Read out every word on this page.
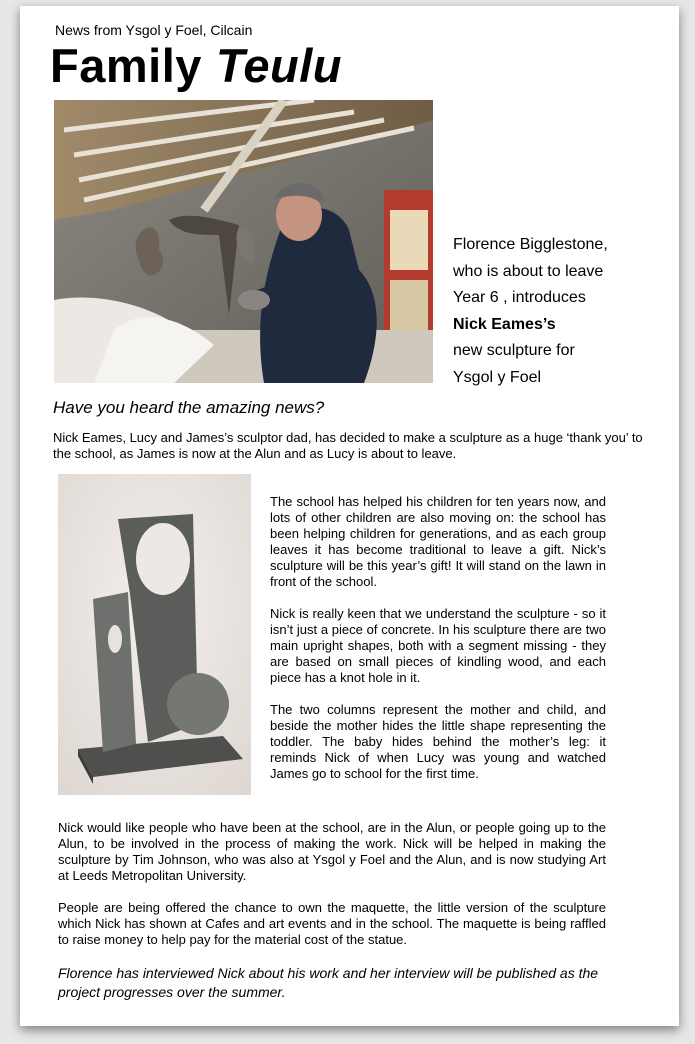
News from Ysgol y Foel, Cilcain
Family Teulu
Florence Bigglestone,
who is about to leave
Year 6 , introduces
Nick Eames’s
new sculpture for
Ysgol y Foel
Have you heard the amazing news?
Nick Eames, Lucy and James’s sculptor dad, has decided to make a sculpture as a huge ‘thank you’ to the school, as James is now at the Alun and as Lucy is about to leave.

The school has helped his children for ten years now, and lots of other children are also moving on: the school has been helping children for generations, and as each group leaves it has become traditional to leave a gift. Nick’s sculpture will be this year’s gift! It will stand on the lawn in front of the school.

Nick is really keen that we understand the sculpture - so it isn’t just a piece of concrete. In his sculpture there are two main upright shapes, both with a segment missing - they are based on small pieces of kindling wood, and each piece has a knot hole in it.

The two columns represent the mother and child, and beside the mother hides the little shape representing the toddler. The baby hides behind the mother’s leg: it reminds Nick of when Lucy was young and watched James go to school for the first time.

Nick would like people who have been at the school, are in the Alun, or people going up to the Alun, to be involved in the process of making the work. Nick will be helped in making the sculpture by Tim Johnson, who was also at Ysgol y Foel and the Alun, and is now studying Art at Leeds Metropolitan University.

People are being offered the chance to own the maquette, the little version of the sculpture which Nick has shown at Cafes and art events and in the school. The maquette is being raffled to raise money to help pay for the material cost of the statue.

Florence has interviewed Nick about his work and her interview will be published as the project progresses over the summer.
